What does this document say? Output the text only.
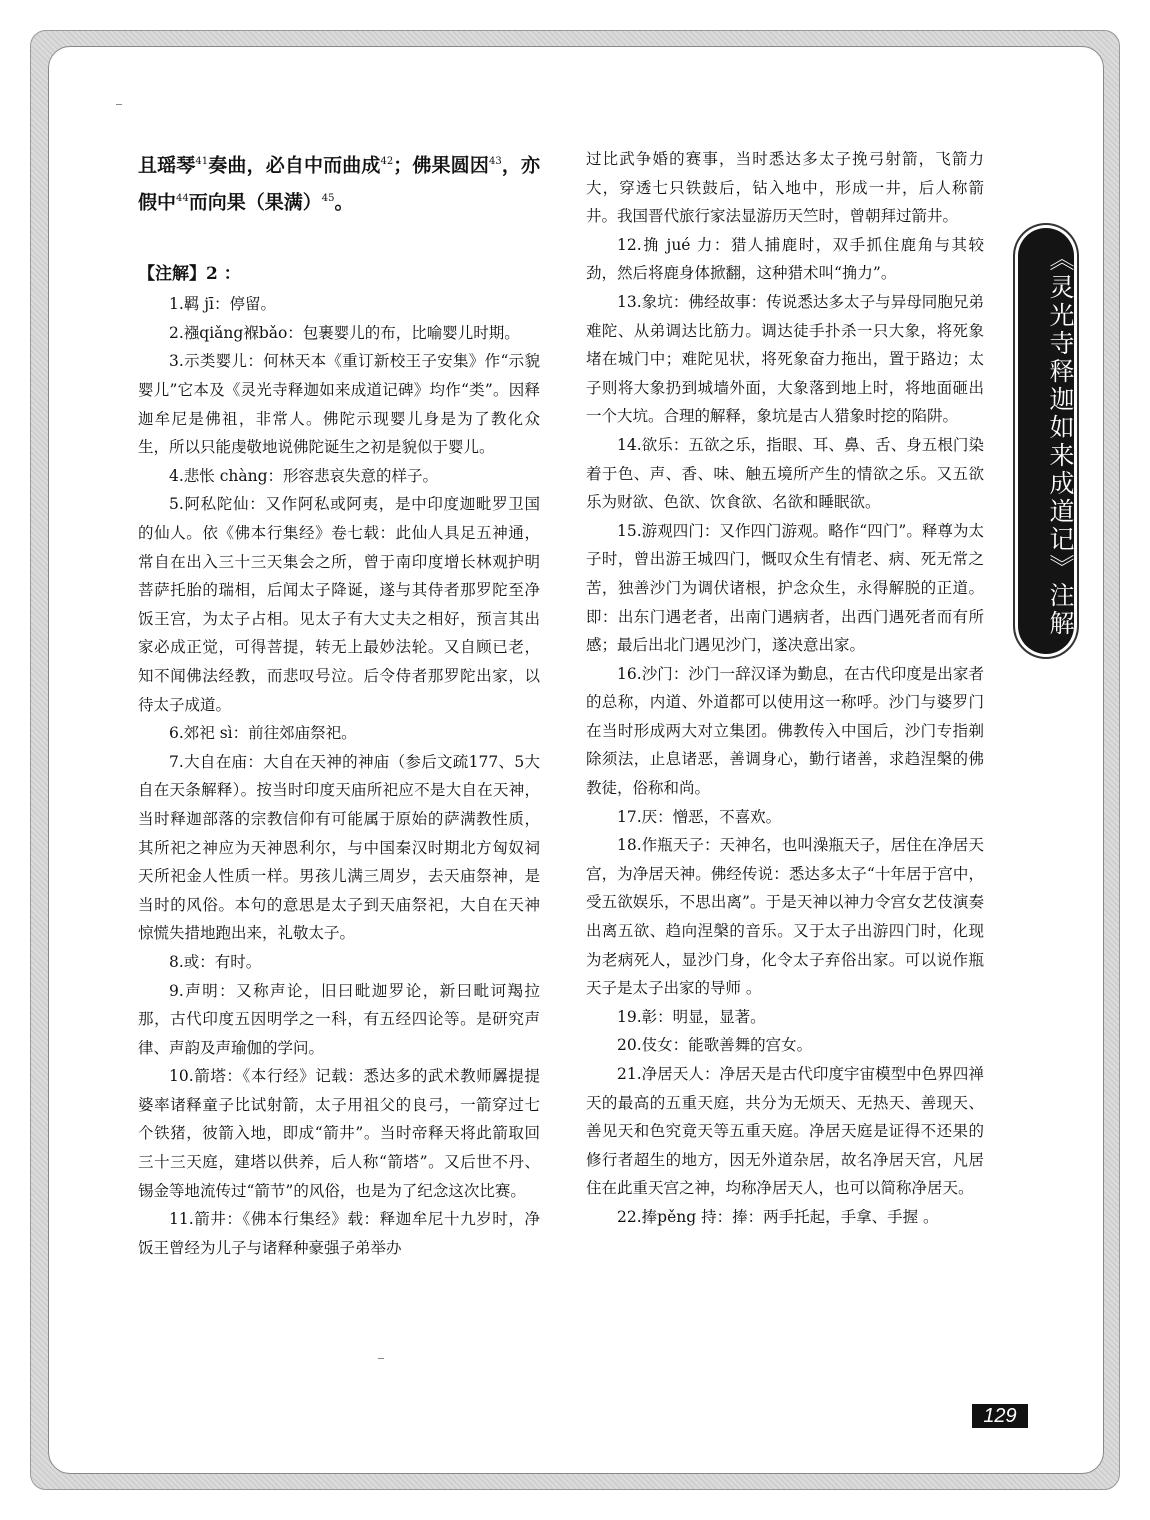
且瑶琴$^{41}$奏曲，必自中而曲成$^{42}$；佛果圆因$^{43}$，亦假中$^{44}$而向果（果满）$^{45}$。

【注解】2 ：

1.羁 jī：停留。

2.襁qiǎng褓bǎo：包裹婴儿的布，比喻婴儿时期。

3.示类婴儿：何林天本《重订新校王子安集》作“示貌婴儿”它本及《灵光寺释迦如来成道记碑》均作“类”。因释迦牟尼是佛祖，非常人。佛陀示现婴儿身是为了教化众生，所以只能虔敬地说佛陀诞生之初是貌似于婴儿。

4.悲怅 chàng：形容悲哀失意的样子。

5.阿私陀仙：又作阿私或阿夷，是中印度迦毗罗卫国的仙人。依《佛本行集经》卷七载：此仙人具足五神通，常自在出入三十三天集会之所，曾于南印度增长林观护明菩萨托胎的瑞相，后闻太子降诞，遂与其侍者那罗陀至净饭王宫，为太子占相。见太子有大丈夫之相好，预言其出家必成正觉，可得菩提，转无上最妙法轮。又自顾已老，知不闻佛法经教，而悲叹号泣。后令侍者那罗陀出家，以待太子成道。

6.郊祀 sì：前往郊庙祭祀。

7.大自在庙：大自在天神的神庙（参后文疏177、5大自在天条解释）。按当时印度天庙所祀应不是大自在天神，当时释迦部落的宗教信仰有可能属于原始的萨满教性质，其所祀之神应为天神恩利尔，与中国秦汉时期北方匈奴祠天所祀金人性质一样。男孩儿满三周岁，去天庙祭神，是当时的风俗。本句的意思是太子到天庙祭祀，大自在天神惊慌失措地跑出来，礼敬太子。

8.或：有时。

9.声明：又称声论，旧曰毗迦罗论，新曰毗诃羯拉那，古代印度五因明学之一科，有五经四论等。是研究声律、声韵及声瑜伽的学问。

10.箭塔：《本行经》记载：悉达多的武术教师羼提提婆率诸释童子比试射箭，太子用祖父的良弓，一箭穿过七个铁猪，彼箭入地，即成“箭井”。当时帝释天将此箭取回三十三天庭，建塔以供养，后人称“箭塔”。又后世不丹、锡金等地流传过“箭节”的风俗，也是为了纪念这次比赛。

11.箭井：《佛本行集经》载：释迦牟尼十九岁时，净饭王曾经为儿子与诸释种豪强子弟举办

过比武争婚的赛事，当时悉达多太子挽弓射箭，飞箭力大，穿透七只铁鼓后，钻入地中，形成一井，后人称箭井。我国晋代旅行家法显游历天竺时，曾朝拜过箭井。

12.捔 jué 力：猎人捕鹿时，双手抓住鹿角与其较劲，然后将鹿身体掀翻，这种猎术叫“捔力”。

13.象坑：佛经故事：传说悉达多太子与异母同胞兄弟难陀、从弟调达比筋力。调达徒手扑杀一只大象，将死象堵在城门中；难陀见状，将死象奋力拖出，置于路边；太子则将大象扔到城墙外面，大象落到地上时，将地面砸出一个大坑。合理的解释，象坑是古人猎象时挖的陷阱。

14.欲乐：五欲之乐，指眼、耳、鼻、舌、身五根门染着于色、声、香、味、触五境所产生的情欲之乐。又五欲乐为财欲、色欲、饮食欲、名欲和睡眠欲。

15.游观四门：又作四门游观。略作“四门”。释尊为太子时，曾出游王城四门，慨叹众生有情老、病、死无常之苦，独善沙门为调伏诸根，护念众生，永得解脱的正道。即：出东门遇老者，出南门遇病者，出西门遇死者而有所感；最后出北门遇见沙门，遂决意出家。

16.沙门：沙门一辞汉译为勤息，在古代印度是出家者的总称，内道、外道都可以使用这一称呼。沙门与婆罗门在当时形成两大对立集团。佛教传入中国后，沙门专指剃除须法，止息诸恶，善调身心，勤行诸善，求趋涅槃的佛教徒，俗称和尚。

17.厌：憎恶，不喜欢。

18.作瓶天子：天神名，也叫澡瓶天子，居住在净居天宫，为净居天神。佛经传说：悉达多太子“十年居于宫中，受五欲娱乐，不思出离”。于是天神以神力令宫女艺伎演奏出离五欲、趋向涅槃的音乐。又于太子出游四门时，化现为老病死人，显沙门身，化令太子弃俗出家。可以说作瓶天子是太子出家的导师 。

19.彰：明显，显著。

20.伎女：能歌善舞的宫女。

21.净居天人：净居天是古代印度宇宙模型中色界四禅天的最高的五重天庭，共分为无烦天、无热天、善现天、善见天和色究竟天等五重天庭。净居天庭是证得不还果的修行者超生的地方，因无外道杂居，故名净居天宫，凡居住在此重天宫之神，均称净居天人，也可以简称净居天。

22.捧pěng 持：捧：两手托起，手拿、手握 。

《灵光寺释迦如来成道记》注解
129
